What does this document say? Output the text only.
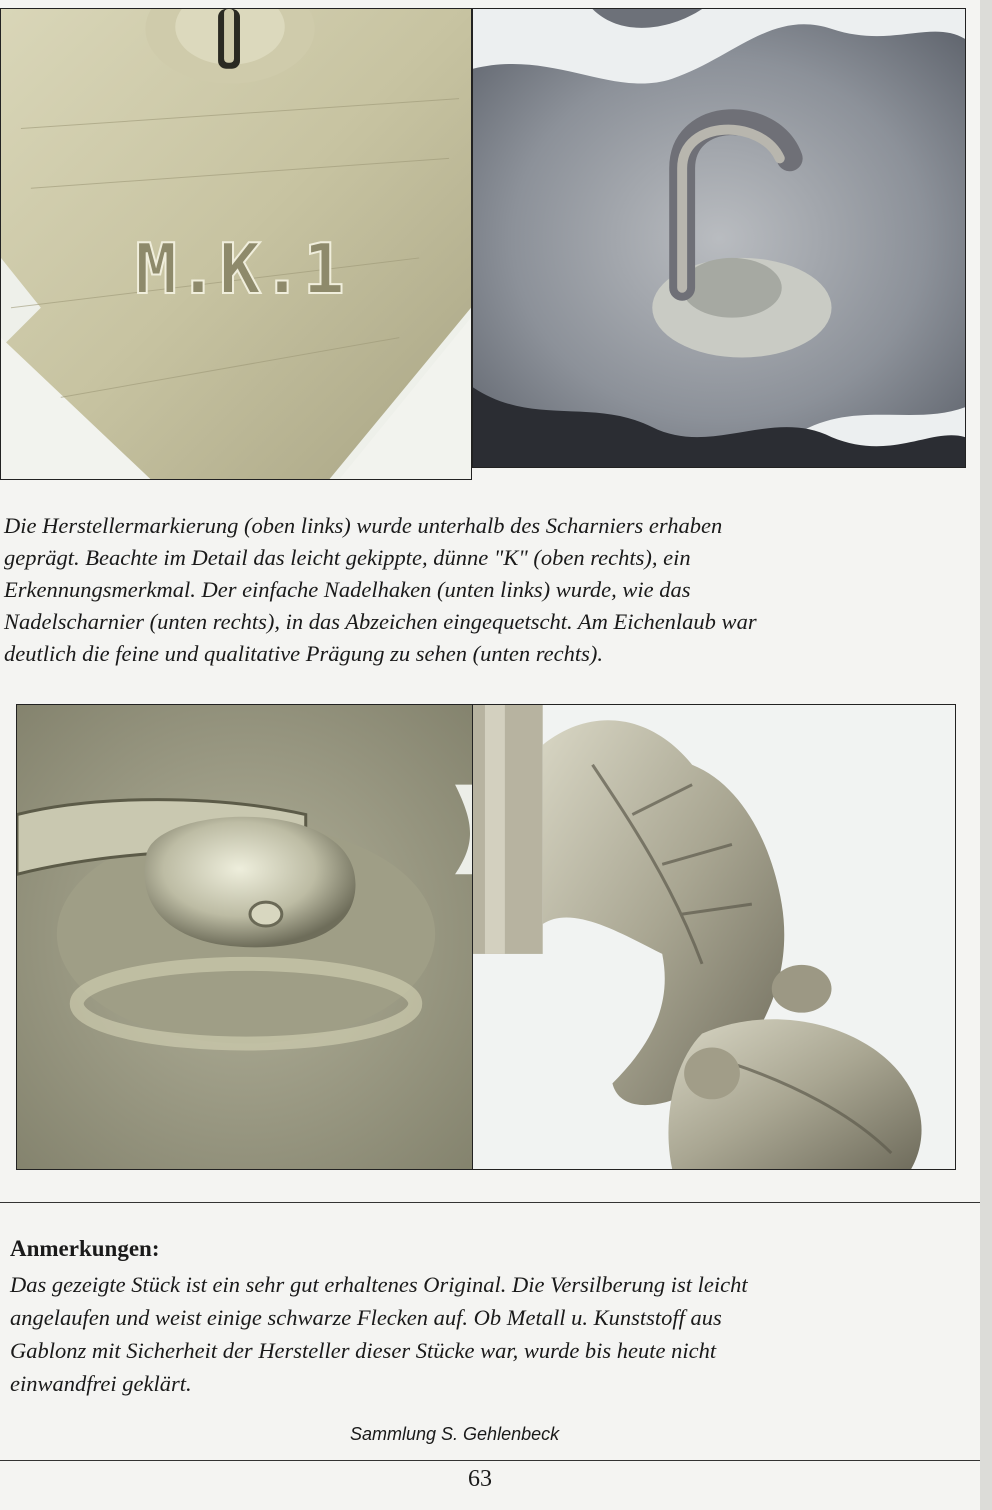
M.K.1
Die Herstellermarkierung (oben links) wurde unterhalb des Scharniers erhaben
geprägt. Beachte im Detail das leicht gekippte, dünne "K" (oben rechts), ein
Erkennungsmerkmal. Der einfache Nadelhaken (unten links) wurde, wie das
Nadelscharnier (unten rechts), in das Abzeichen eingequetscht. Am Eichenlaub war
deutlich die feine und qualitative Prägung zu sehen (unten rechts).

Anmerkungen:

Das gezeigte Stück ist ein sehr gut erhaltenes Original. Die Versilberung ist leicht
angelaufen und weist einige schwarze Flecken auf. Ob Metall u. Kunststoff aus
Gablonz mit Sicherheit der Hersteller dieser Stücke war, wurde bis heute nicht
einwandfrei geklärt.
Sammlung S. Gehlenbeck
63
